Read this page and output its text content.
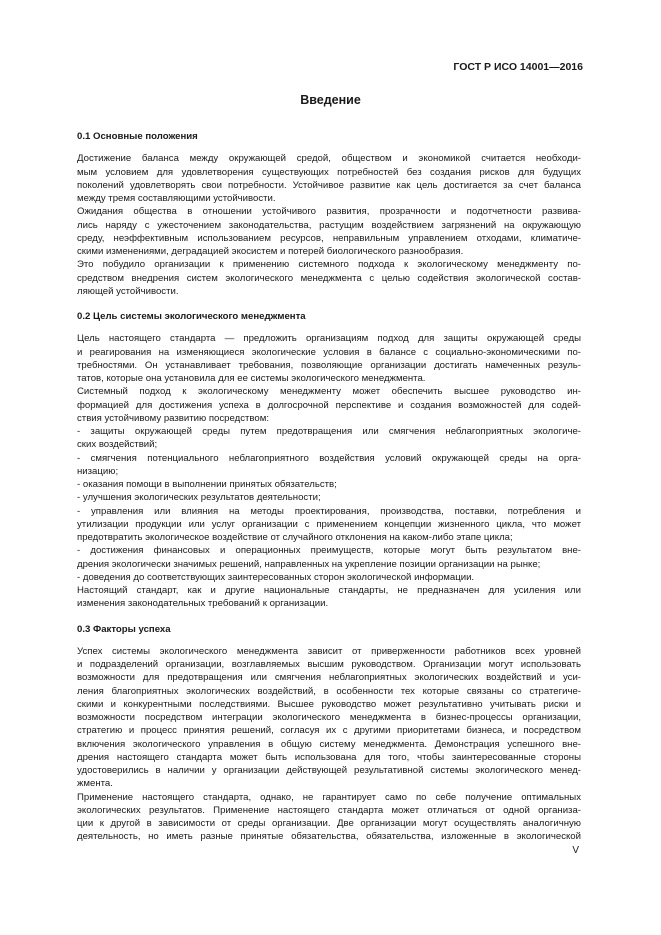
ГОСТ Р ИСО 14001—2016
Введение
0.1 Основные положения
Достижение баланса между окружающей средой, обществом и экономикой считается необходи-
мым условием для удовлетворения существующих потребностей без создания рисков для будущих
поколений удовлетворять свои потребности. Устойчивое развитие как цель достигается за счет баланса
между тремя составляющими устойчивости.
Ожидания общества в отношении устойчивого развития, прозрачности и подотчетности развива-
лись наряду с ужесточением законодательства, растущим воздействием загрязнений на окружающую
среду, неэффективным использованием ресурсов, неправильным управлением отходами, климатиче-
скими изменениями, деградацией экосистем и потерей биологического разнообразия.
Это побудило организации к применению системного подхода к экологическому менеджменту по-
средством внедрения систем экологического менеджмента с целью содействия экологической состав-
ляющей устойчивости.
0.2 Цель системы экологического менеджмента
Цель настоящего стандарта — предложить организациям подход для защиты окружающей среды
и реагирования на изменяющиеся экологические условия в балансе с социально-экономическими по-
требностями. Он устанавливает требования, позволяющие организации достигать намеченных резуль-
татов, которые она установила для ее системы экологического менеджмента.
Системный подход к экологическому менеджменту может обеспечить высшее руководство ин-
формацией для достижения успеха в долгосрочной перспективе и создания возможностей для содей-
ствия устойчивому развитию посредством:
- защиты окружающей среды путем предотвращения или смягчения неблагоприятных экологиче-
ских воздействий;
- смягчения потенциального неблагоприятного воздействия условий окружающей среды на орга-
низацию;
- оказания помощи в выполнении принятых обязательств;
- улучшения экологических результатов деятельности;
- управления или влияния на методы проектирования, производства, поставки, потребления и
утилизации продукции или услуг организации с применением концепции жизненного цикла, что может
предотвратить экологическое воздействие от случайного отклонения на каком-либо этапе цикла;
- достижения финансовых и операционных преимуществ, которые могут быть результатом вне-
дрения экологически значимых решений, направленных на укрепление позиции организации на рынке;
- доведения до соответствующих заинтересованных сторон экологической информации.
Настоящий стандарт, как и другие национальные стандарты, не предназначен для усиления или
изменения законодательных требований к организации.
0.3 Факторы успеха
Успех системы экологического менеджмента зависит от приверженности работников всех уровней
и подразделений организации, возглавляемых высшим руководством. Организации могут использовать
возможности для предотвращения или смягчения неблагоприятных экологических воздействий и уси-
ления благоприятных экологических воздействий, в особенности тех которые связаны со стратегиче-
скими и конкурентными последствиями. Высшее руководство может результативно учитывать риски и
возможности посредством интеграции экологического менеджмента в бизнес-процессы организации,
стратегию и процесс принятия решений, согласуя их с другими приоритетами бизнеса, и посредством
включения экологического управления в общую систему менеджмента. Демонстрация успешного вне-
дрения настоящего стандарта может быть использована для того, чтобы заинтересованные стороны
удостоверились в наличии у организации действующей результативной системы экологического менед-
жмента.
Применение настоящего стандарта, однако, не гарантирует само по себе получение оптимальных
экологических результатов. Применение настоящего стандарта может отличаться от одной организа-
ции к другой в зависимости от среды организации. Две организации могут осуществлять аналогичную
деятельность, но иметь разные принятые обязательства, обязательства, изложенные в экологической
V
